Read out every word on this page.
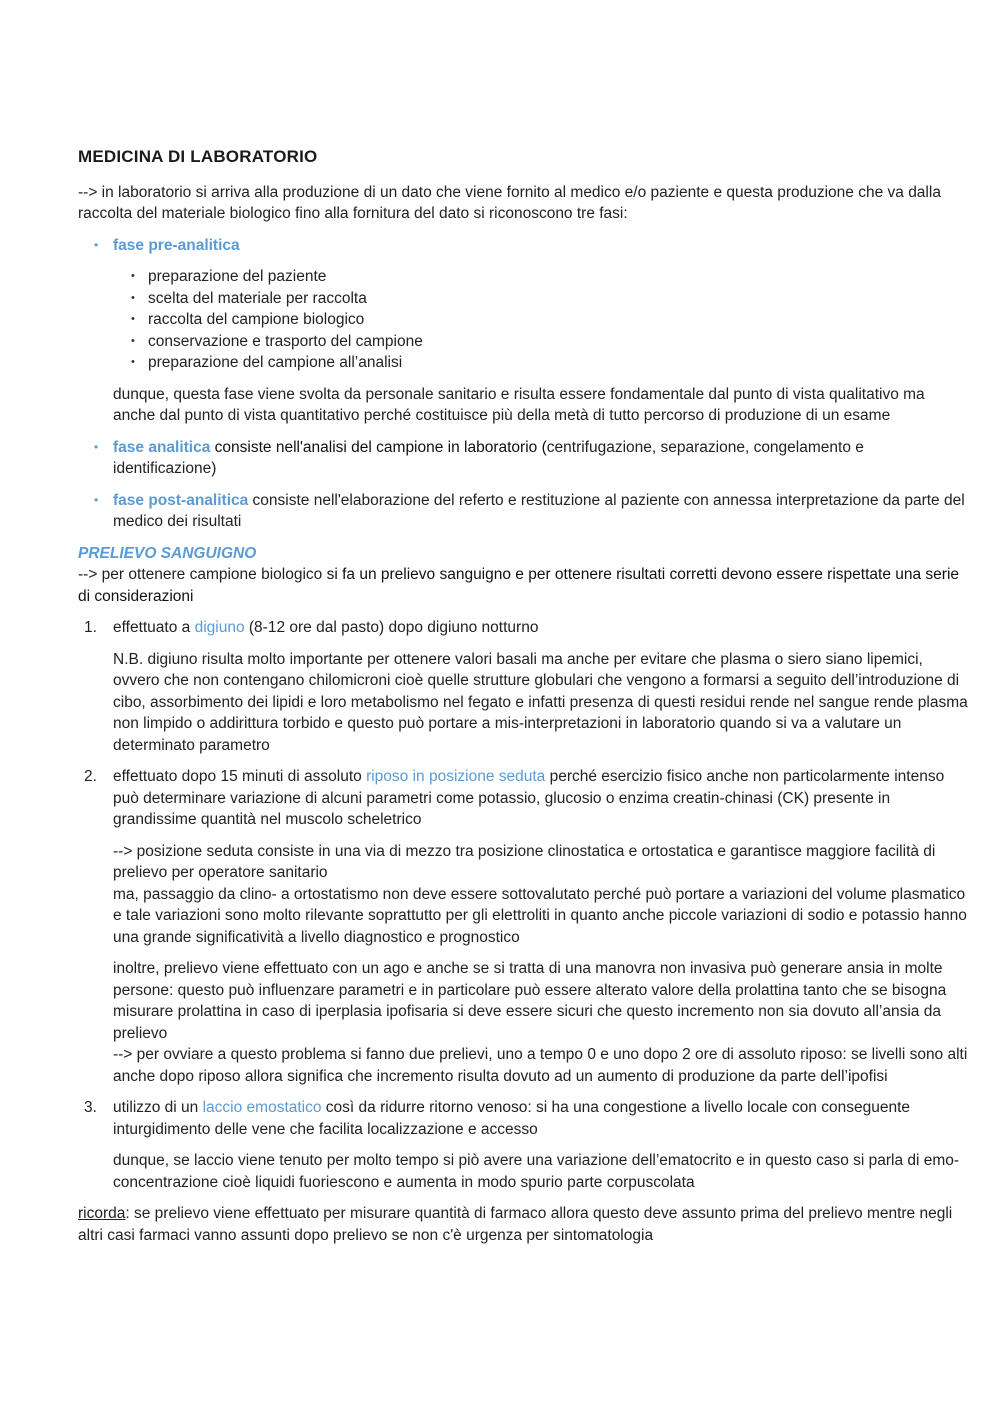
MEDICINA DI LABORATORIO

--> in laboratorio si arriva alla produzione di un dato che viene fornito al medico e/o paziente e questa produzione che va dalla raccolta del materiale biologico fino alla fornitura del dato si riconoscono tre fasi:

• fase pre-analitica
• preparazione del paziente
• scelta del materiale per raccolta
• raccolta del campione biologico
• conservazione e trasporto del campione
• preparazione del campione all’analisi

dunque, questa fase viene svolta da personale sanitario e risulta essere fondamentale dal punto di vista qualitativo ma anche dal punto di vista quantitativo perché costituisce più della metà di tutto percorso di produzione di un esame

• fase analitica consiste nell'analisi del campione in laboratorio (centrifugazione, separazione, congelamento e identificazione)
• fase post-analitica consiste nell'elaborazione del referto e restituzione al paziente con annessa interpretazione da parte del medico dei risultati

PRELIEVO SANGUIGNO

--> per ottenere campione biologico si fa un prelievo sanguigno e per ottenere risultati corretti devono essere rispettate una serie di considerazioni

1. effettuato a digiuno (8-12 ore dal pasto) dopo digiuno notturno

N.B. digiuno risulta molto importante per ottenere valori basali ma anche per evitare che plasma o siero siano lipemici, ovvero che non contengano chilomicroni cioè quelle strutture globulari che vengono a formarsi a seguito dell’introduzione di cibo, assorbimento dei lipidi e loro metabolismo nel fegato e infatti presenza di questi residui rende nel sangue rende plasma non limpido o addirittura torbido e questo può portare a mis-interpretazioni in laboratorio quando si va a valutare un determinato parametro

2. effettuato dopo 15 minuti di assoluto riposo in posizione seduta perché esercizio fisico anche non particolarmente intenso può determinare variazione di alcuni parametri come potassio, glucosio o enzima creatin-chinasi (CK) presente in grandissime quantità nel muscolo scheletrico

--> posizione seduta consiste in una via di mezzo tra posizione clinostatica e ortostatica e garantisce maggiore facilità di prelievo per operatore sanitario
ma, passaggio da clino- a ortostatismo non deve essere sottovalutato perché può portare a variazioni del volume plasmatico e tale variazioni sono molto rilevante soprattutto per gli elettroliti in quanto anche piccole variazioni di sodio e potassio hanno una grande significatività a livello diagnostico e prognostico

inoltre, prelievo viene effettuato con un ago e anche se si tratta di una manovra non invasiva può generare ansia in molte persone: questo può influenzare parametri e in particolare può essere alterato valore della prolattina tanto che se bisogna misurare prolattina in caso di iperplasia ipofisaria si deve essere sicuri che questo incremento non sia dovuto all’ansia da prelievo
--> per ovviare a questo problema si fanno due prelievi, uno a tempo 0 e uno dopo 2 ore di assoluto riposo: se livelli sono alti anche dopo riposo allora significa che incremento risulta dovuto ad un aumento di produzione da parte dell’ipofisi

3. utilizzo di un laccio emostatico così da ridurre ritorno venoso: si ha una congestione a livello locale con conseguente inturgidimento delle vene che facilita localizzazione e accesso

dunque, se laccio viene tenuto per molto tempo si piò avere una variazione dell’ematocrito e in questo caso si parla di emo-concentrazione cioè liquidi fuoriescono e aumenta in modo spurio parte corpuscolata

ricorda: se prelievo viene effettuato per misurare quantità di farmaco allora questo deve assunto prima del prelievo mentre negli altri casi farmaci vanno assunti dopo prelievo se non c'è urgenza per sintomatologia
